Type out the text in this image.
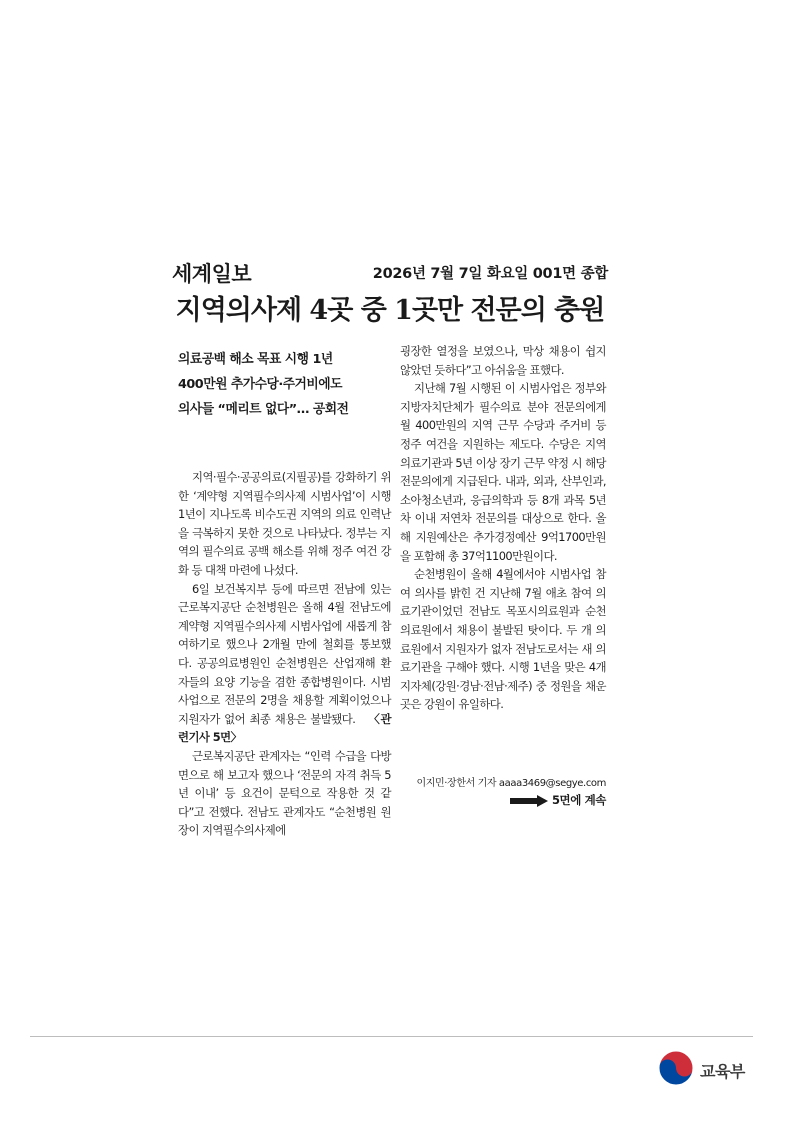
세계일보	2026년 7월 7일 화요일 001면 종합
지역의사제 4곳 중 1곳만 전문의 충원
의료공백 해소 목표 시행 1년
400만원 추가수당·주거비에도
의사들 “메리트 없다”… 공회전

지역·필수·공공의료(지필공)를 강화하기 위한 ‘계약형 지역필수의사제 시범사업’이 시행 1년이 지나도록 비수도권 지역의 의료 인력난을 극복하지 못한 것으로 나타났다. 정부는 지역의 필수의료 공백 해소를 위해 정주 여건 강화 등 대책 마련에 나섰다.

6일 보건복지부 등에 따르면 전남에 있는 근로복지공단 순천병원은 올해 4월 전남도에 계약형 지역필수의사제 시범사업에 새롭게 참여하기로 했으나 2개월 만에 철회를 통보했다. 공공의료병원인 순천병원은 산업재해 환자들의 요양 기능을 겸한 종합병원이다. 시범사업으로 전문의 2명을 채용할 계획이었으나 지원자가 없어 최종 채용은 불발됐다. 〈관련기사 5면〉

근로복지공단 관계자는 “인력 수급을 다방면으로 해 보고자 했으나 ‘전문의 자격 취득 5년 이내’ 등 요건이 문턱으로 작용한 것 같다”고 전했다. 전남도 관계자도 “순천병원 원장이 지역필수의사제에

굉장한 열정을 보였으나, 막상 채용이 쉽지 않았던 듯하다”고 아쉬움을 표했다.

지난해 7월 시행된 이 시범사업은 정부와 지방자치단체가 필수의료 분야 전문의에게 월 400만원의 지역 근무 수당과 주거비 등 정주 여건을 지원하는 제도다. 수당은 지역 의료기관과 5년 이상 장기 근무 약정 시 해당 전문의에게 지급된다. 내과, 외과, 산부인과, 소아청소년과, 응급의학과 등 8개 과목 5년 차 이내 저연차 전문의를 대상으로 한다. 올해 지원예산은 추가경정예산 9억1700만원을 포함해 총 37억1100만원이다.

순천병원이 올해 4월에서야 시범사업 참여 의사를 밝힌 건 지난해 7월 애초 참여 의료기관이었던 전남도 목포시의료원과 순천의료원에서 채용이 불발된 탓이다. 두 개 의료원에서 지원자가 없자 전남도로서는 새 의료기관을 구해야 했다. 시행 1년을 맞은 4개 지자체(강원·경남·전남·제주) 중 정원을 채운 곳은 강원이 유일하다.

이지민·장한서 기자 aaaa3469@segye.com
5면에 계속
교육부
